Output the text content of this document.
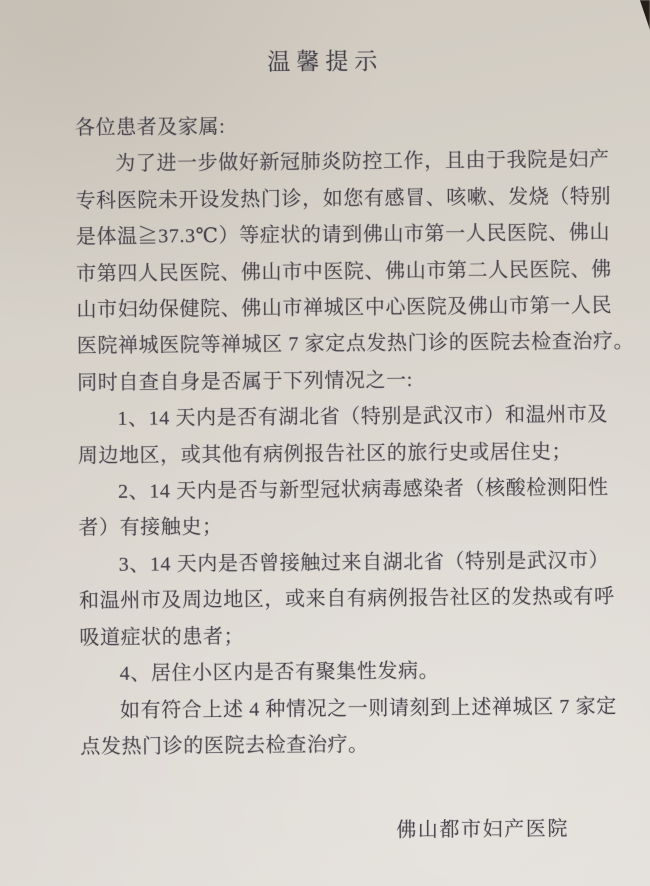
温馨提示
各位患者及家属:
为了进一步做好新冠肺炎防控工作，且由于我院是妇产
专科医院未开设发热门诊，如您有感冒、咳嗽、发烧（特别
是体温≧37.3℃）等症状的请到佛山市第一人民医院、佛山
市第四人民医院、佛山市中医院、佛山市第二人民医院、佛
山市妇幼保健院、佛山市禅城区中心医院及佛山市第一人民
医院禅城医院等禅城区 7 家定点发热门诊的医院去检查治疗。
同时自查自身是否属于下列情况之一:
1、14 天内是否有湖北省（特别是武汉市）和温州市及
周边地区，或其他有病例报告社区的旅行史或居住史；
2、14 天内是否与新型冠状病毒感染者（核酸检测阳性
者）有接触史；
3、14 天内是否曾接触过来自湖北省（特别是武汉市）
和温州市及周边地区，或来自有病例报告社区的发热或有呼
吸道症状的患者；
4、居住小区内是否有聚集性发病。
如有符合上述 4 种情况之一则请刻到上述禅城区 7 家定
点发热门诊的医院去检查治疗。
佛山都市妇产医院
